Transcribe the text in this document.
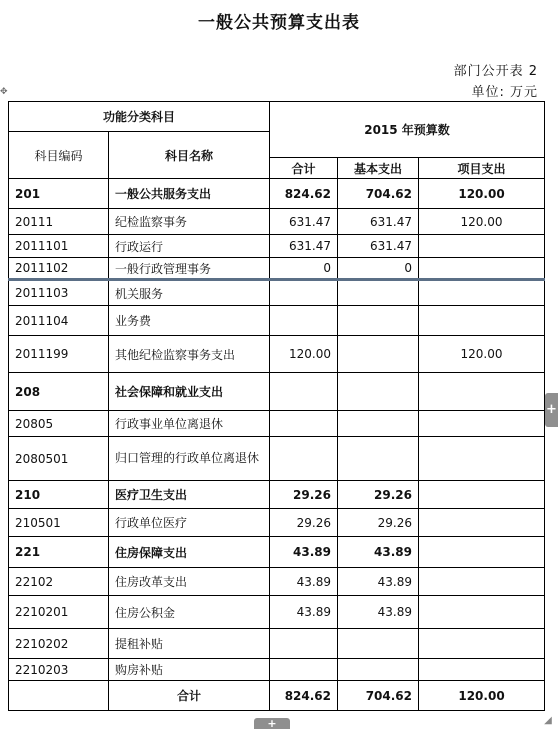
一般公共预算支出表
部门公开表 2
单位: 万元
✥
功能分类科目		2015 年预算数		
科目编码	科目名称			
		合计	基本支出	项目支出
201	一般公共服务支出	824.62	704.62	120.00
20111	纪检监察事务	631.47	631.47	120.00
2011101	行政运行	631.47	631.47	
2011102	一般行政管理事务	0	0	
2011103	机关服务			
2011104	业务费			
2011199	其他纪检监察事务支出	120.00		120.00
208	社会保障和就业支出			
20805	行政事业单位离退休			
2080501	归口管理的行政单位离退休			
210	医疗卫生支出	29.26	29.26	
210501	行政单位医疗	29.26	29.26	
221	住房保障支出	43.89	43.89	
22102	住房改革支出	43.89	43.89	
2210201	住房公积金	43.89	43.89	
2210202	提租补贴			
2210203	购房补贴			
	合计	824.62	704.62	120.00
+
+	◢
